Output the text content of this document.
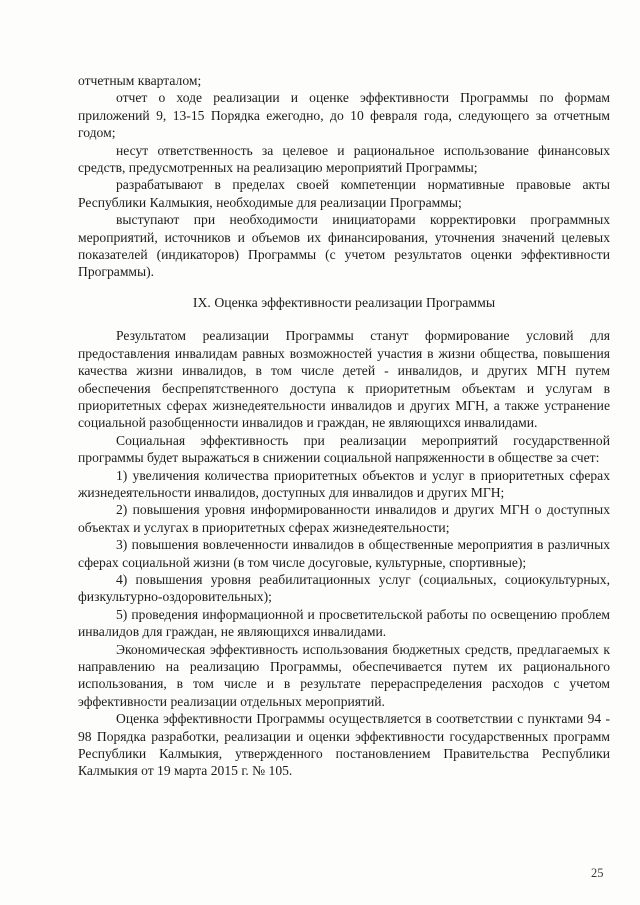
отчетным кварталом;

отчет о ходе реализации и оценке эффективности Программы по формам приложений 9, 13-15 Порядка ежегодно, до 10 февраля года, следующего за отчетным годом;

несут ответственность за целевое и рациональное использование финансовых средств, предусмотренных на реализацию мероприятий Программы;

разрабатывают в пределах своей компетенции нормативные правовые акты Республики Калмыкия, необходимые для реализации Программы;

выступают при необходимости инициаторами корректировки программных мероприятий, источников и объемов их финансирования, уточнения значений целевых показателей (индикаторов) Программы (с учетом результатов оценки эффективности Программы).

IX. Оценка эффективности реализации Программы

Результатом реализации Программы станут формирование условий для предоставления инвалидам равных возможностей участия в жизни общества, повышения качества жизни инвалидов, в том числе детей - инвалидов, и других МГН путем обеспечения беспрепятственного доступа к приоритетным объектам и услугам в приоритетных сферах жизнедеятельности инвалидов и других МГН, а также устранение социальной разобщенности инвалидов и граждан, не являющихся инвалидами.

Социальная эффективность при реализации мероприятий государственной программы будет выражаться в снижении социальной напряженности в обществе за счет:

1) увеличения количества приоритетных объектов и услуг в приоритетных сферах жизнедеятельности инвалидов, доступных для инвалидов и других МГН;

2) повышения уровня информированности инвалидов и других МГН о доступных объектах и услугах в приоритетных сферах жизнедеятельности;

3) повышения вовлеченности инвалидов в общественные мероприятия в различных сферах социальной жизни (в том числе досуговые, культурные, спортивные);

4) повышения уровня реабилитационных услуг (социальных, социокультурных, физкультурно-оздоровительных);

5) проведения информационной и просветительской работы по освещению проблем инвалидов для граждан, не являющихся инвалидами.

Экономическая эффективность использования бюджетных средств, предлагаемых к направлению на реализацию Программы, обеспечивается путем их рационального использования, в том числе и в результате перераспределения расходов с учетом эффективности реализации отдельных мероприятий.

Оценка эффективности Программы осуществляется в соответствии с пунктами 94 - 98 Порядка разработки, реализации и оценки эффективности государственных программ Республики Калмыкия, утвержденного постановлением Правительства Республики Калмыкия от 19 марта 2015 г. № 105.

25
